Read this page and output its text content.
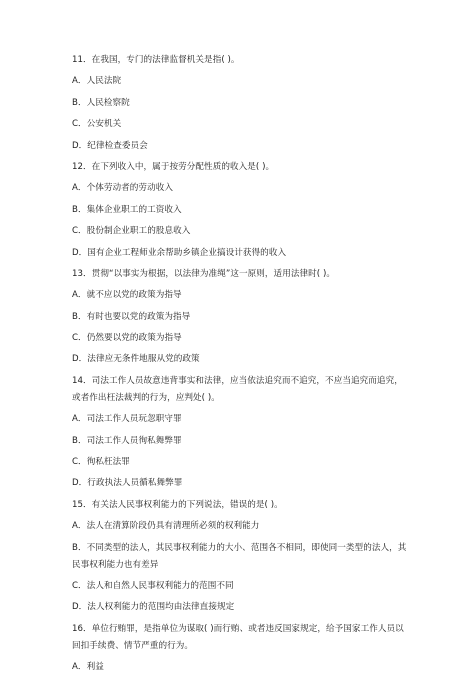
11．在我国，专门的法律监督机关是指( )。
A．人民法院
B．人民检察院
C．公安机关
D．纪律检查委员会
12．在下列收入中，属于按劳分配性质的收入是( )。
A．个体劳动者的劳动收入
B．集体企业职工的工资收入
C．股份制企业职工的股息收入
D．国有企业工程师业余帮助乡镇企业搞设计获得的收入
13．贯彻“以事实为根据，以法律为准绳”这一原则，适用法律时( )。
A．就不应以党的政策为指导
B．有时也要以党的政策为指导
C．仍然要以党的政策为指导
D．法律应无条件地服从党的政策
14．司法工作人员故意违背事实和法律，应当依法追究而不追究，不应当追究而追究，
或者作出枉法裁判的行为，应判处( )。
A．司法工作人员玩忽职守罪
B．司法工作人员徇私舞弊罪
C．徇私枉法罪
D．行政执法人员循私舞弊罪
15．有关法人民事权利能力的下列说法，错误的是( )。
A．法人在清算阶段仍具有清理所必须的权利能力
B．不同类型的法人，其民事权利能力的大小、范围各不相同，即使同一类型的法人，其
民事权利能力也有差异
C．法人和自然人民事权利能力的范围不同
D．法人权利能力的范围均由法律直接规定
16．单位行贿罪，是指单位为谋取( )而行贿、或者违反国家规定，给予国家工作人员以
回扣手续费、情节严重的行为。
A．利益
